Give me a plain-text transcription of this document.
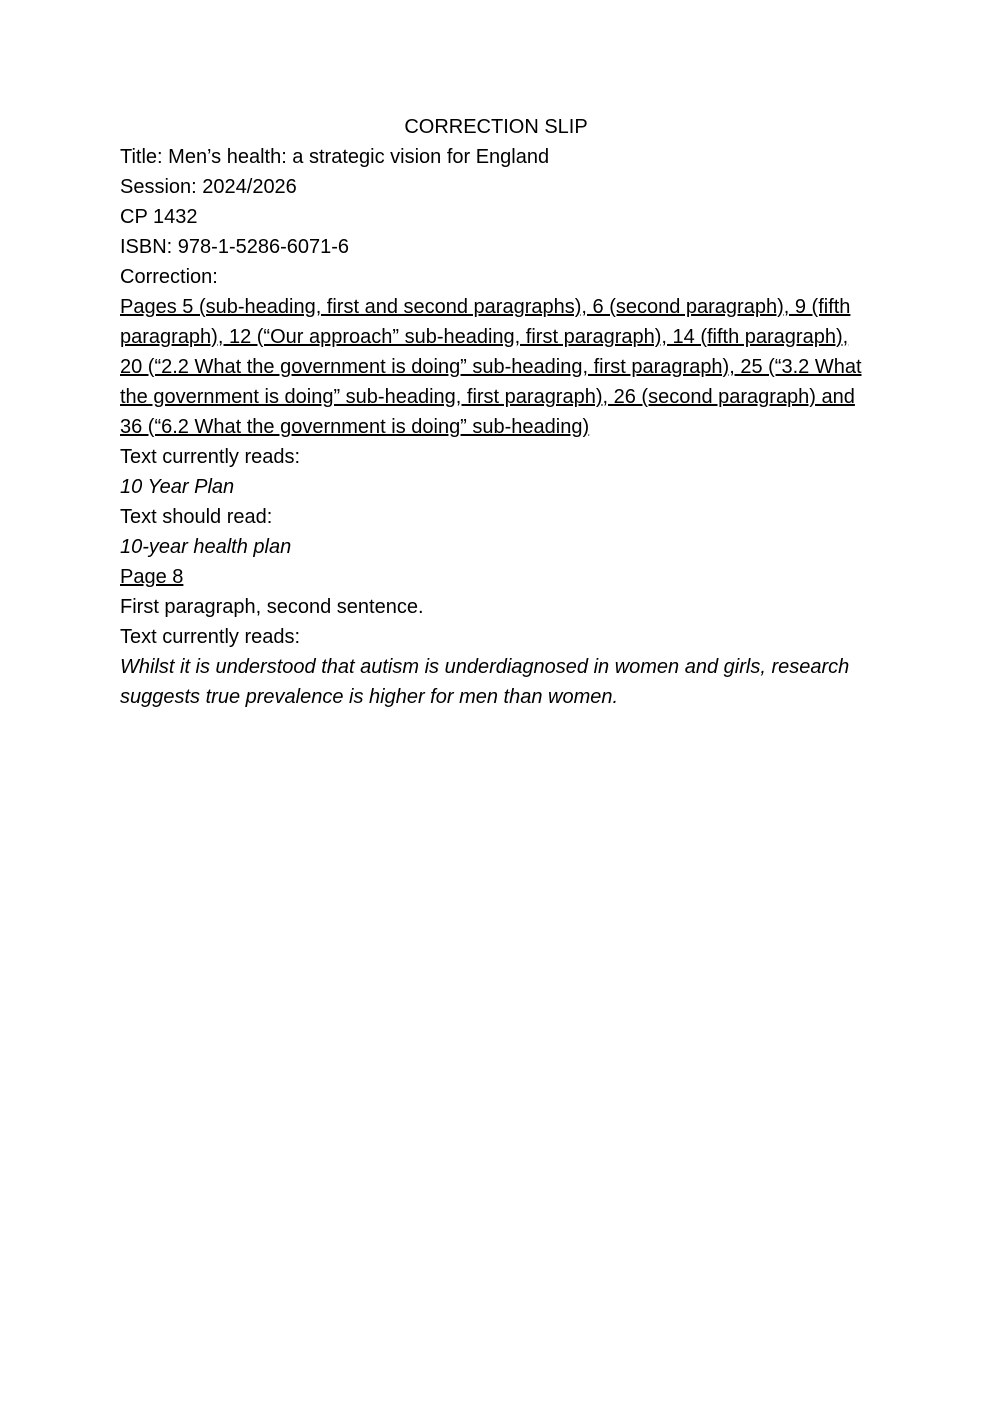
CORRECTION SLIP

Title: Men’s health: a strategic vision for England

Session: 2024/2026

CP 1432

ISBN: 978-1-5286-6071-6

Correction:

Pages 5 (sub-heading, first and second paragraphs), 6 (second paragraph), 9 (fifth paragraph), 12 (“Our approach” sub-heading, first paragraph), 14 (fifth paragraph), 20 (“2.2 What the government is doing” sub-heading, first paragraph), 25 (“3.2 What the government is doing” sub-heading, first paragraph), 26 (second paragraph) and 36 (“6.2 What the government is doing” sub-heading)

Text currently reads:

10 Year Plan

Text should read:

10-year health plan

Page 8

First paragraph, second sentence.

Text currently reads:

Whilst it is understood that autism is underdiagnosed in women and girls, research suggests true prevalence is higher for men than women.
